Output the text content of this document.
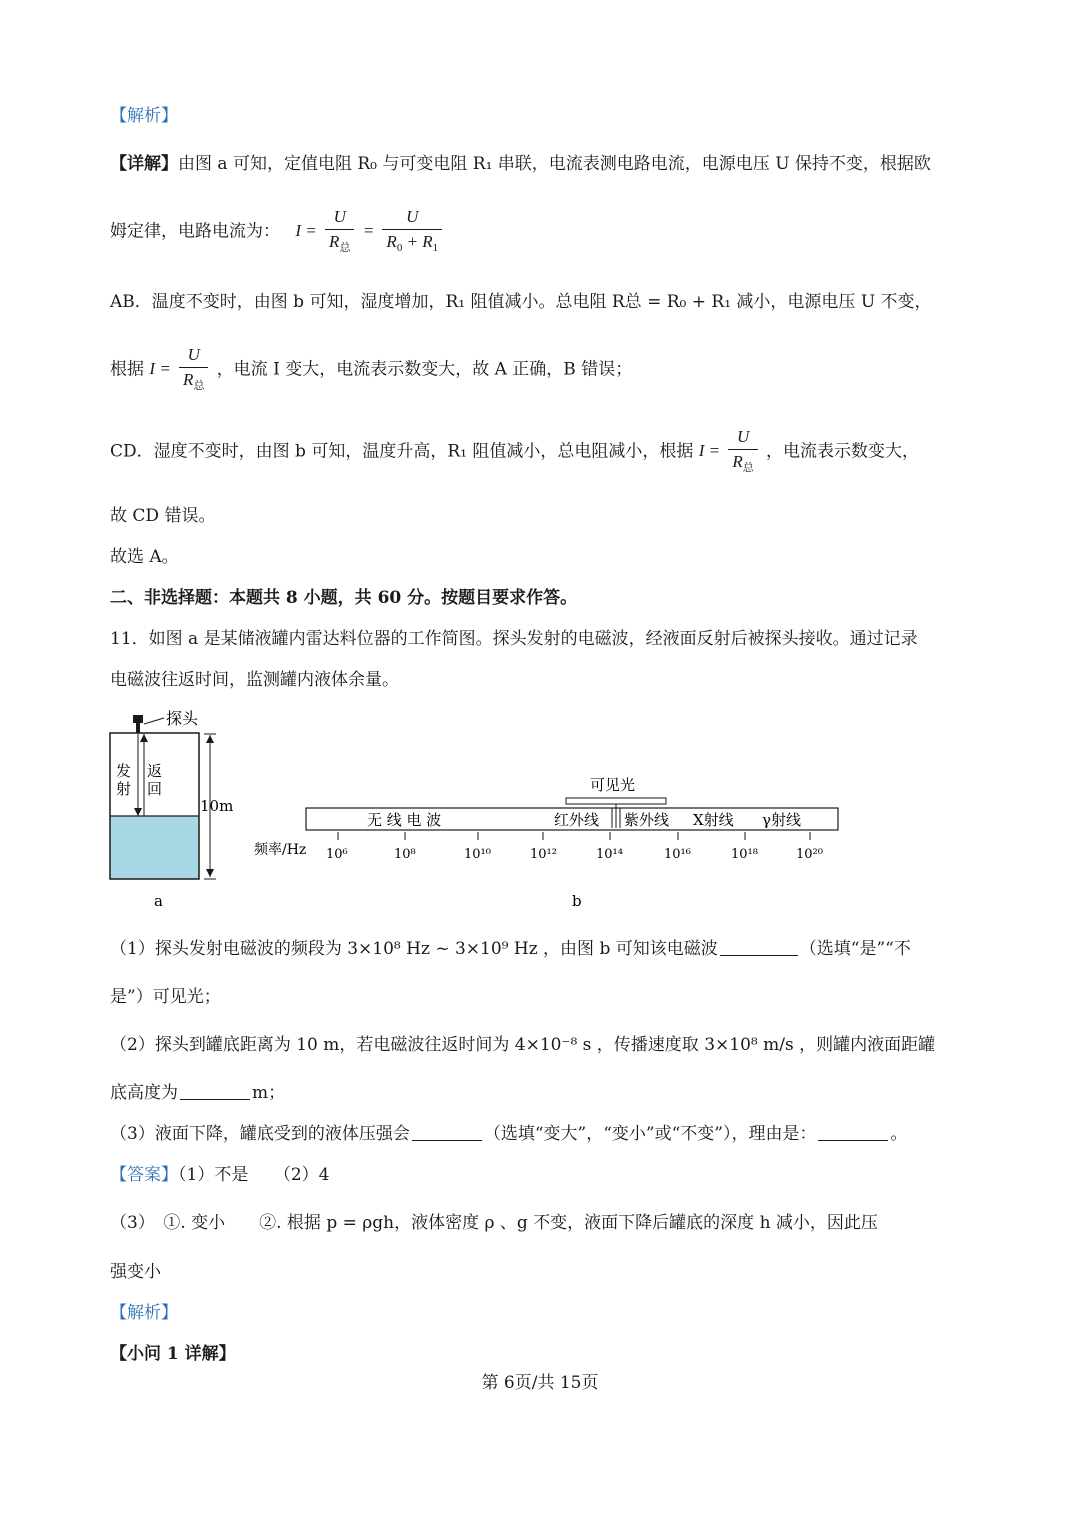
【解析】
【详解】由图 a 可知，定值电阻 R₀ 与可变电阻 R₁ 串联，电流表测电路电流，电源电压 U 保持不变，根据欧
姆定律，电路电流为： $I = \frac{U}{R_总} = \frac{U}{R_0 + R_1}$
AB．温度不变时，由图 b 可知，湿度增加，R₁ 阻值减小。总电阻 R总 = R₀ + R₁ 减小，电源电压 U 不变，
根据 $I = \frac{U}{R_总}$ ，电流 I 变大，电流表示数变大，故 A 正确，B 错误；
CD．湿度不变时，由图 b 可知，温度升高，R₁ 阻值减小，总电阻减小，根据 $I = \frac{U}{R_总}$ ，电流表示数变大，
故 CD 错误。
故选 A。
二、非选择题：本题共 8 小题，共 60 分。按题目要求作答。
11．如图 a 是某储液罐内雷达料位器的工作简图。探头发射的电磁波，经液面反射后被探头接收。通过记录
电磁波往返时间，监测罐内液体余量。
探头
发
射
返
回
10m
a
可见光
无 线 电 波	红外线 紫外线 X射线 γ射线
频率/Hz 10⁶	10⁸	10¹⁰	10¹²	10¹⁴	10¹⁶	10¹⁸	10²⁰
b
（1）探头发射电磁波的频段为 3×10⁸ Hz ~ 3×10⁹ Hz ，由图 b 可知该电磁波	（选填“是”“不
是”）可见光；
（2）探头到罐底距离为 10 m，若电磁波往返时间为 4×10⁻⁸ s ，传播速度取 3×10⁸ m/s ，则罐内液面距罐
底高度为	m；
（3）液面下降，罐底受到的液体压强会	（选填“变大”，“变小”或“不变”），理由是：	。
【答案】（1）不是　　（2）4
（3）　①. 变小　　②. 根据 p = ρgh，液体密度 ρ 、g 不变，液面下降后罐底的深度 h 减小，因此压
强变小
【解析】
【小问 1 详解】
第 6页/共 15页
